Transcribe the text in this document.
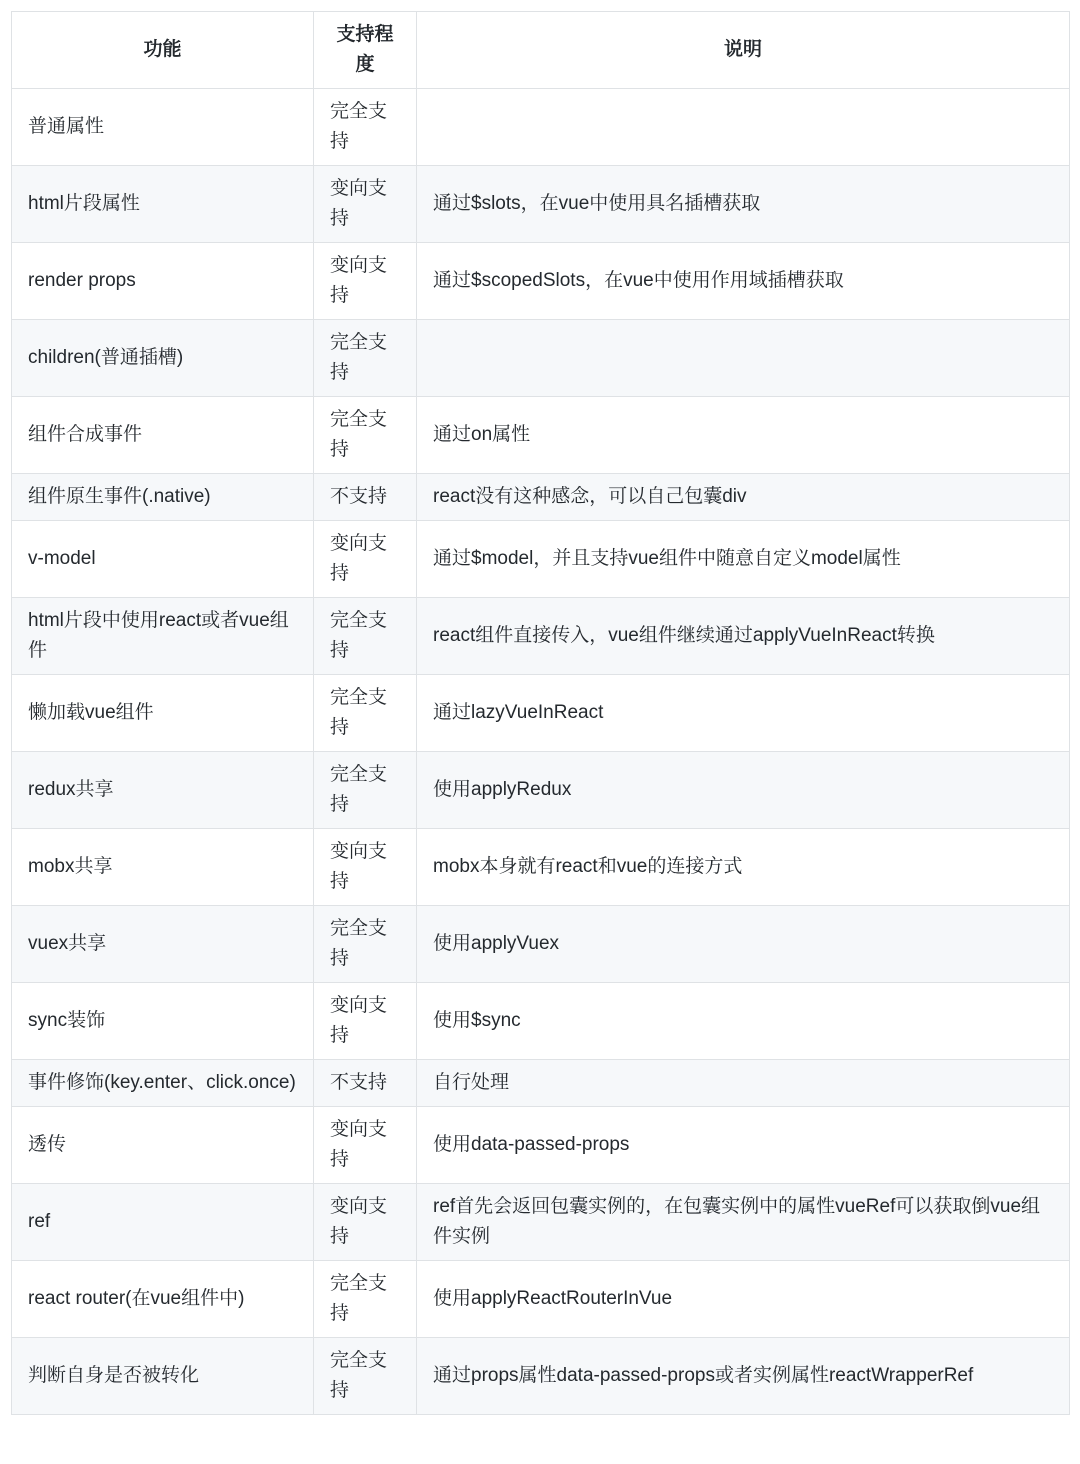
功能	支持程度	说明
普通属性	完全支持	
html片段属性	变向支持	通过$slots，在vue中使用具名插槽获取
render props	变向支持	通过$scopedSlots，在vue中使用作用域插槽获取
children(普通插槽)	完全支持	
组件合成事件	完全支持	通过on属性
组件原生事件(.native)	不支持	react没有这种感念，可以自己包囊div
v-model	变向支持	通过$model，并且支持vue组件中随意自定义model属性
html片段中使用react或者vue组件	完全支持	react组件直接传入，vue组件继续通过applyVueInReact转换
懒加载vue组件	完全支持	通过lazyVueInReact
redux共享	完全支持	使用applyRedux
mobx共享	变向支持	mobx本身就有react和vue的连接方式
vuex共享	完全支持	使用applyVuex
sync装饰	变向支持	使用$sync
事件修饰(key.enter、click.once)	不支持	自行处理
透传	变向支持	使用data-passed-props
ref	变向支持	ref首先会返回包囊实例的，在包囊实例中的属性vueRef可以获取倒vue组件实例
react router(在vue组件中)	完全支持	使用applyReactRouterInVue
判断自身是否被转化	完全支持	通过props属性data-passed-props或者实例属性reactWrapperRef
